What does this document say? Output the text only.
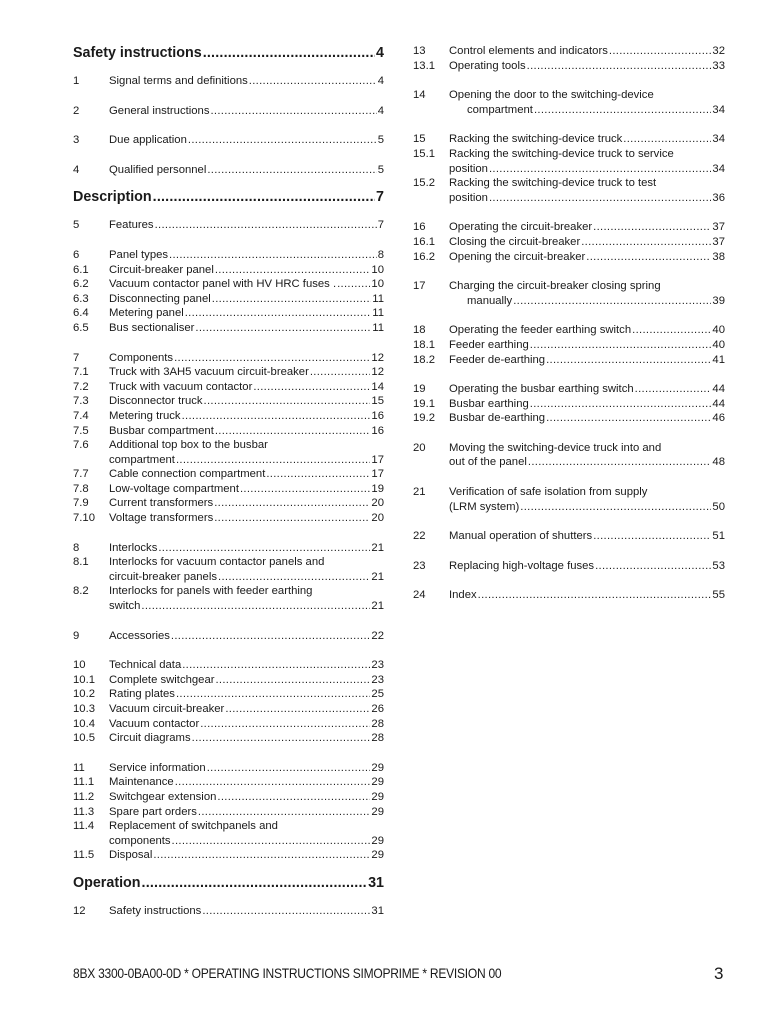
Safety instructions .....	4
1	Signal terms and definitions .....	4
2	General instructions .....	4
3	Due application .....	5
4	Qualified personnel .....	5
Description .....	7
5	Features .....	7
6	Panel types .....	8
6.1	Circuit-breaker panel .....	10
6.2	Vacuum contactor panel with HV HRC fuses . .....	10
6.3	Disconnecting panel .....	11
6.4	Metering panel .....	11
6.5	Bus sectionaliser .....	11
7	Components .....	12
7.1	Truck with 3AH5 vacuum circuit-breaker .....	12
7.2	Truck with vacuum contactor .....	14
7.3	Disconnector truck .....	15
7.4	Metering truck .....	16
7.5	Busbar compartment .....	16
7.6	Additional top box to the busbar
compartment .....	17
7.7	Cable connection compartment .....	17
7.8	Low-voltage compartment .....	19
7.9	Current transformers .....	20
7.10	Voltage transformers .....	20
8	Interlocks .....	21
8.1	Interlocks for vacuum contactor panels and
circuit-breaker panels .....	21
8.2	Interlocks for panels with feeder earthing
switch .....	21
9	Accessories .....	22
10	Technical data .....	23
10.1	Complete switchgear .....	23
10.2	Rating plates .....	25
10.3	Vacuum circuit-breaker .....	26
10.4	Vacuum contactor .....	28
10.5	Circuit diagrams .....	28
11	Service information .....	29
11.1	Maintenance .....	29
11.2	Switchgear extension .....	29
11.3	Spare part orders .....	29
11.4	Replacement of switchpanels and
components .....	29
11.5	Disposal .....	29
Operation .....	31
12	Safety instructions .....	31
13	Control elements and indicators .....	32
13.1	Operating tools .....	33
14	Opening the door to the switching-device
compartment .....	34
15	Racking the switching-device truck .....	34
15.1	Racking the switching-device truck to service
position .....	34
15.2	Racking the switching-device truck to test
position .....	36
16	Operating the circuit-breaker .....	37
16.1	Closing the circuit-breaker .....	37
16.2	Opening the circuit-breaker .....	38
17	Charging the circuit-breaker closing spring
manually .....	39
18	Operating the feeder earthing switch .....	40
18.1	Feeder earthing .....	40
18.2	Feeder de-earthing .....	41
19	Operating the busbar earthing switch .....	44
19.1	Busbar earthing .....	44
19.2	Busbar de-earthing .....	46
20	Moving the switching-device truck into and
out of the panel .....	48
21	Verification of safe isolation from supply
(LRM system) .....	50
22	Manual operation of shutters .....	51
23	Replacing high-voltage fuses .....	53
24	Index .....	55
8BX 3300-0BA00-0D * OPERATING INSTRUCTIONS SIMOPRIME * REVISION 00	3
